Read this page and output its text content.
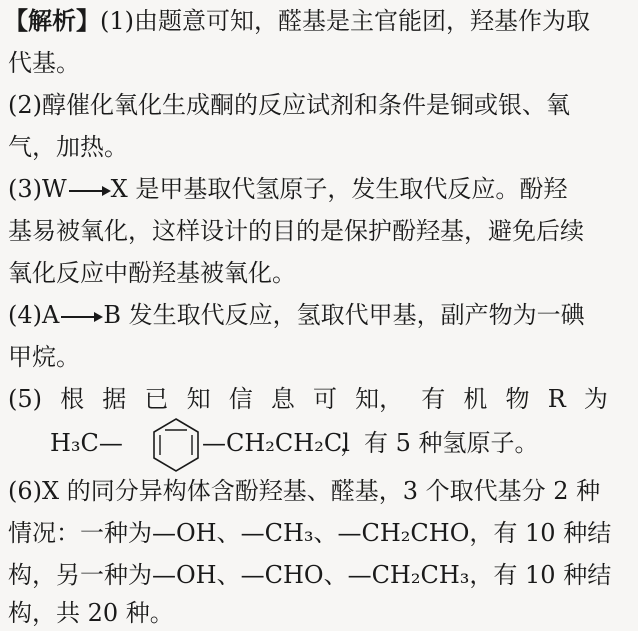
【解析】(1)由题意可知，醛基是主官能团，羟基作为取
代基。
(2)醇催化氧化生成酮的反应试剂和条件是铜或银、氧
气，加热。
(3)W → X 是甲基取代氢原子，发生取代反应。酚羟
基易被氧化，这样设计的目的是保护酚羟基，避免后续
氧化反应中酚羟基被氧化。
(4)A → B 发生取代反应，氢取代甲基，副产物为一碘
甲烷。
(5) 根 据 已 知 信 息 可 知， 有 机 物 R 为
H₃C—	—CH₂CH₂Cl
，有 5 种氢原子。
(6)X 的同分异构体含酚羟基、醛基，3 个取代基分 2 种
情况：一种为—OH、—CH₃、—CH₂CHO，有 10 种结
构，另一种为—OH、—CHO、—CH₂CH₃，有 10 种结
构，共 20 种。
